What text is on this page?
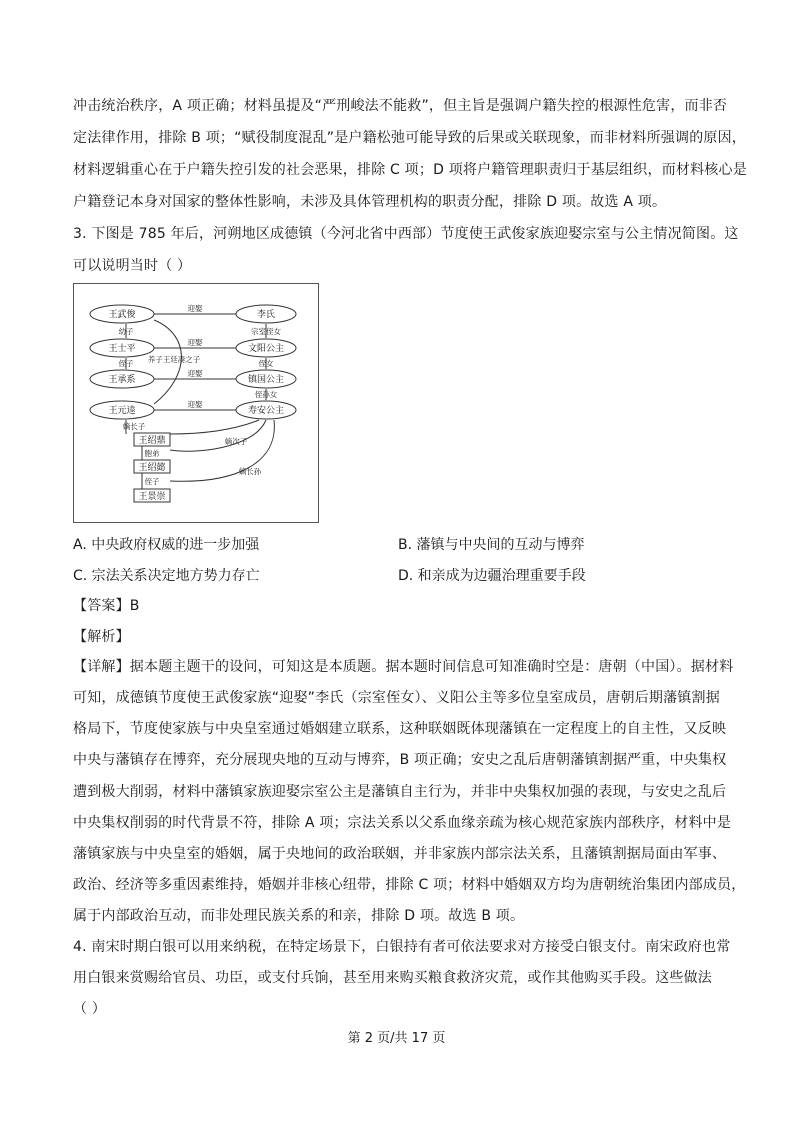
冲击统治秩序，A 项正确；材料虽提及“严刑峻法不能救”，但主旨是强调户籍失控的根源性危害，而非否
定法律作用，排除 B 项；“赋役制度混乱”是户籍松弛可能导致的后果或关联现象，而非材料所强调的原因，
材料逻辑重心在于户籍失控引发的社会恶果，排除 C 项；D 项将户籍管理职责归于基层组织，而材料核心是
户籍登记本身对国家的整体性影响，未涉及具体管理机构的职责分配，排除 D 项。故选 A 项。
3. 下图是 785 年后，河朔地区成德镇（今河北省中西部）节度使王武俊家族迎娶宗室与公主情况简图。这
可以说明当时（ ）
王武俊
王士平
王承系
王元逵
李氏
文阳公主
镇国公主
寿安公主
王绍鼎
王绍懿
王景崇
迎娶
迎娶
迎娶
迎娶
幼子
侄子 养子王廷凑之子
宗室侄女
侄女
侄孙女
嫡长子
胞弟
侄子
嫡次子
嫡长孙
A. 中央政府权威的进一步加强	B. 藩镇与中央间的互动与博弈
C. 宗法关系决定地方势力存亡	D. 和亲成为边疆治理重要手段
【答案】B
【解析】
【详解】据本题主题干的设问，可知这是本质题。据本题时间信息可知准确时空是：唐朝（中国）。据材料
可知，成德镇节度使王武俊家族“迎娶”李氏（宗室侄女）、义阳公主等多位皇室成员，唐朝后期藩镇割据
格局下，节度使家族与中央皇室通过婚姻建立联系，这种联姻既体现藩镇在一定程度上的自主性，又反映
中央与藩镇存在博弈，充分展现央地的互动与博弈，B 项正确；安史之乱后唐朝藩镇割据严重，中央集权
遭到极大削弱，材料中藩镇家族迎娶宗室公主是藩镇自主行为，并非中央集权加强的表现，与安史之乱后
中央集权削弱的时代背景不符，排除 A 项；宗法关系以父系血缘亲疏为核心规范家族内部秩序，材料中是
藩镇家族与中央皇室的婚姻，属于央地间的政治联姻，并非家族内部宗法关系，且藩镇割据局面由军事、
政治、经济等多重因素维持，婚姻并非核心纽带，排除 C 项；材料中婚姻双方均为唐朝统治集团内部成员，
属于内部政治互动，而非处理民族关系的和亲，排除 D 项。故选 B 项。
4. 南宋时期白银可以用来纳税，在特定场景下，白银持有者可依法要求对方接受白银支付。南宋政府也常
用白银来赏赐给官员、功臣，或支付兵饷，甚至用来购买粮食救济灾荒，或作其他购买手段。这些做法
（ ）
第 2 页/共 17 页
